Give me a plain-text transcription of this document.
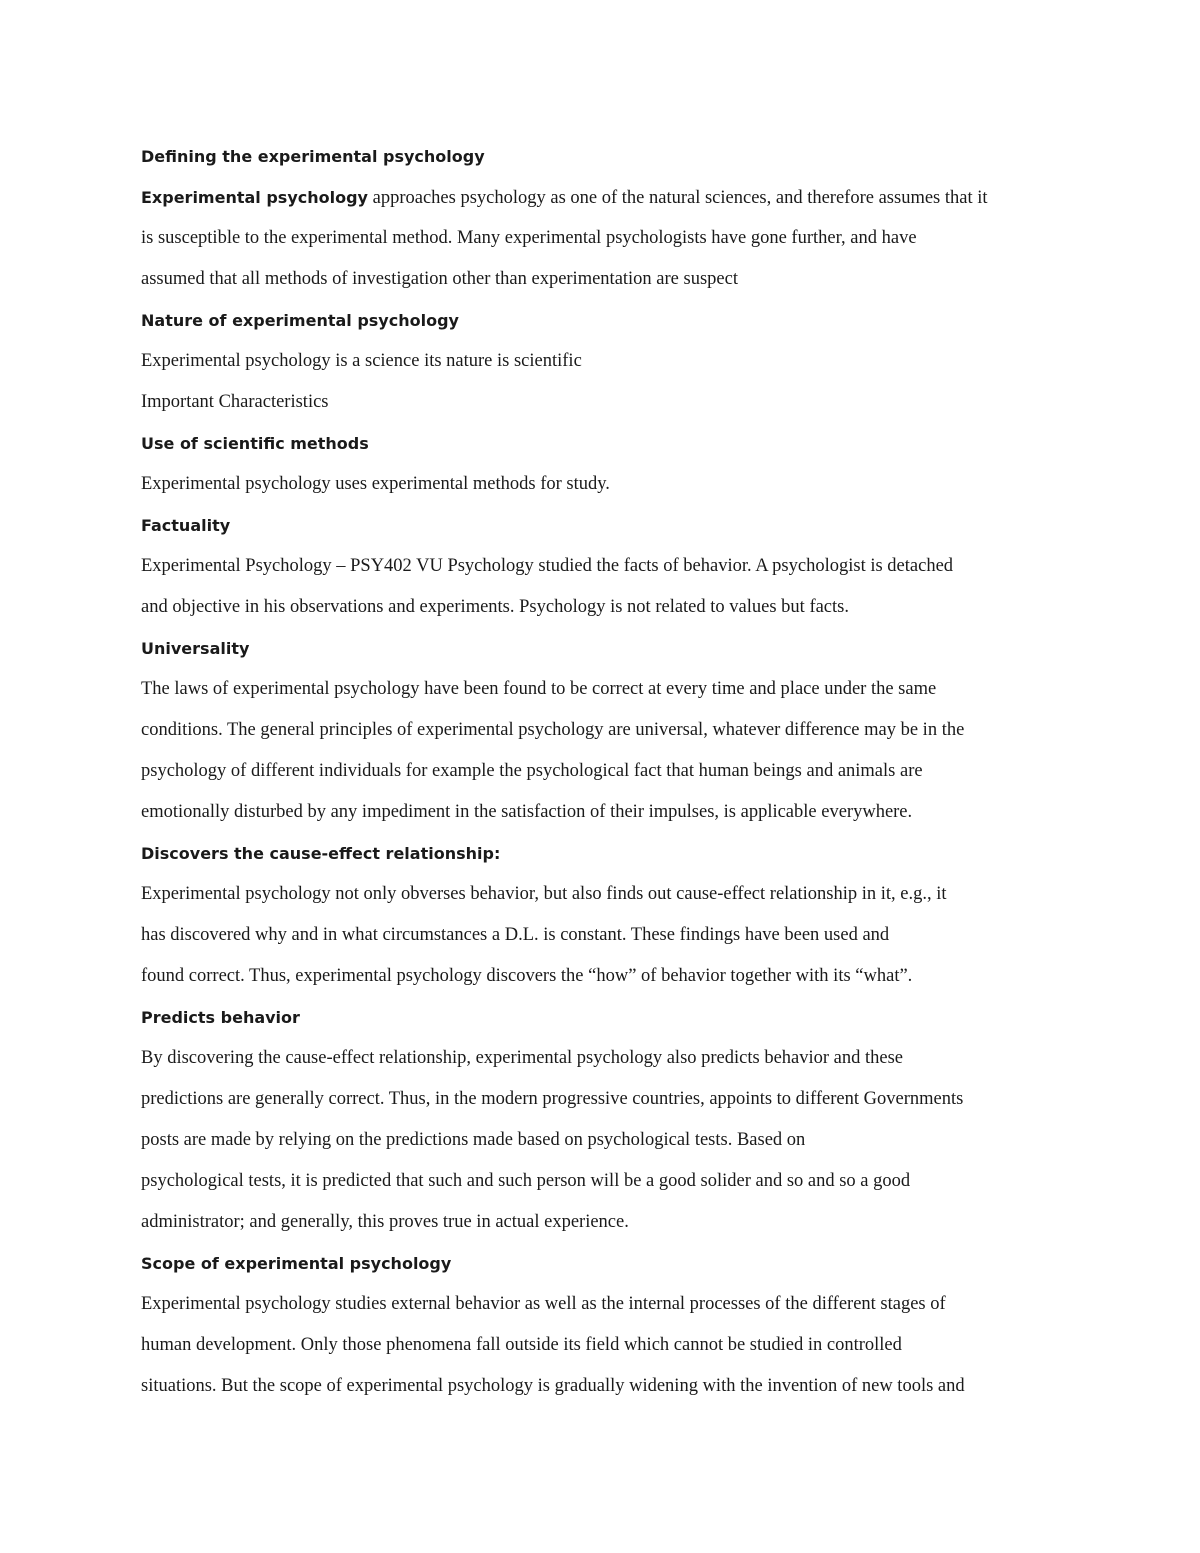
Defining the experimental psychology
Experimental psychology approaches psychology as one of the natural sciences, and therefore assumes that it
is susceptible to the experimental method. Many experimental psychologists have gone further, and have
assumed that all methods of investigation other than experimentation are suspect
Nature of experimental psychology
Experimental psychology is a science its nature is scientific
Important Characteristics
Use of scientific methods
Experimental psychology uses experimental methods for study.
Factuality
Experimental Psychology – PSY402 VU Psychology studied the facts of behavior. A psychologist is detached
and objective in his observations and experiments. Psychology is not related to values but facts.
Universality
The laws of experimental psychology have been found to be correct at every time and place under the same
conditions. The general principles of experimental psychology are universal, whatever difference may be in the
psychology of different individuals for example the psychological fact that human beings and animals are
emotionally disturbed by any impediment in the satisfaction of their impulses, is applicable everywhere.
Discovers the cause-effect relationship:
Experimental psychology not only obverses behavior, but also finds out cause-effect relationship in it, e.g., it
has discovered why and in what circumstances a D.L. is constant. These findings have been used and
found correct. Thus, experimental psychology discovers the “how” of behavior together with its “what”.
Predicts behavior
By discovering the cause-effect relationship, experimental psychology also predicts behavior and these
predictions are generally correct. Thus, in the modern progressive countries, appoints to different Governments
posts are made by relying on the predictions made based on psychological tests. Based on
psychological tests, it is predicted that such and such person will be a good solider and so and so a good
administrator; and generally, this proves true in actual experience.
Scope of experimental psychology
Experimental psychology studies external behavior as well as the internal processes of the different stages of
human development. Only those phenomena fall outside its field which cannot be studied in controlled
situations. But the scope of experimental psychology is gradually widening with the invention of new tools and
